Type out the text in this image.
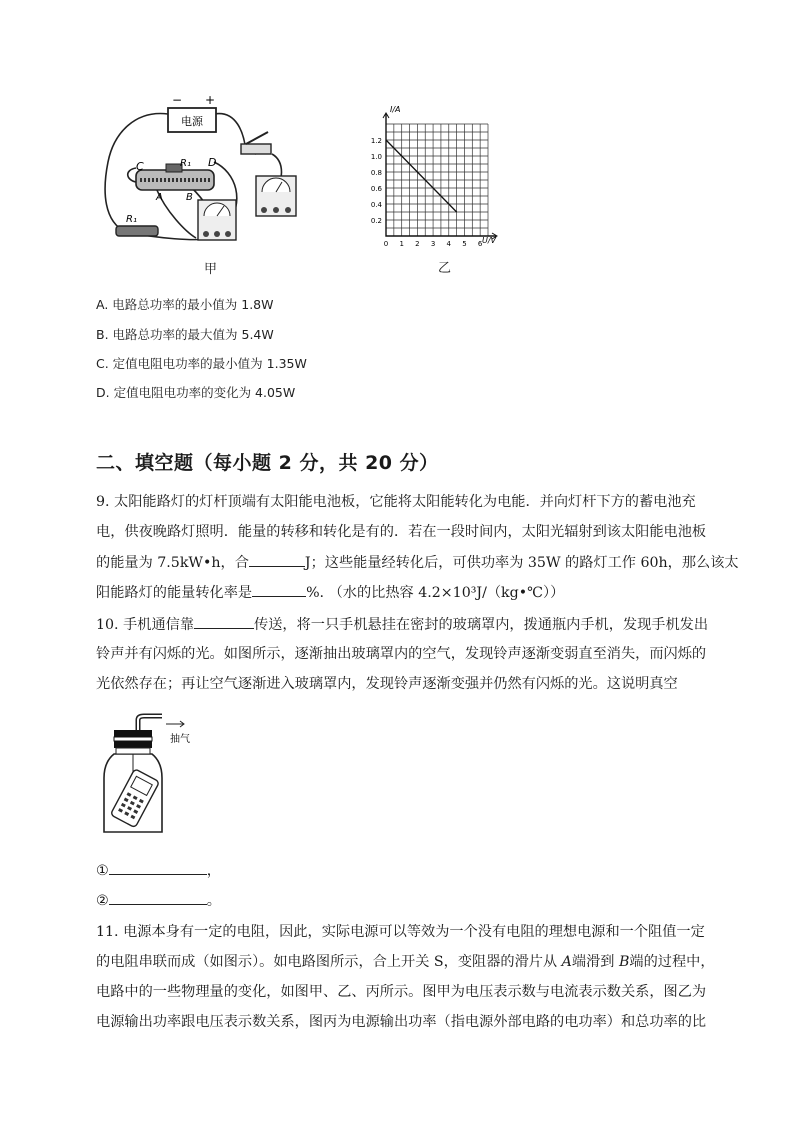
电源
− +
C	R₁ D
A B
R₁
甲
1.2
1.0
0.8
0.6
0.4
0.2
0 1 2 3 4 5 6
I/A
U/V
乙
A. 电路总功率的最小值为 1.8W
B. 电路总功率的最大值为 5.4W
C. 定值电阻电功率的最小值为 1.35W
D. 定值电阻电功率的变化为 4.05W
二、填空题（每小题 2 分，共 20 分）
9. 太阳能路灯的灯杆顶端有太阳能电池板，它能将太阳能转化为电能．并向灯杆下方的蓄电池充
电，供夜晚路灯照明．能量的转移和转化是有的．若在一段时间内，太阳光辐射到该太阳能电池板
的能量为 7.5kW•h，合	J；这些能量经转化后，可供功率为 35W 的路灯工作 60h，那么该太
阳能路灯的能量转化率是	%. （水的比热容 4.2×10³J/（kg•℃））
10. 手机通信靠	传送，将一只手机悬挂在密封的玻璃罩内，拨通瓶内手机，发现手机发出
铃声并有闪烁的光。如图所示，逐渐抽出玻璃罩内的空气，发现铃声逐渐变弱直至消失，而闪烁的
光依然存在；再让空气逐渐进入玻璃罩内，发现铃声逐渐变强并仍然有闪烁的光。这说明真空
抽气
①	，
②	。
11. 电源本身有一定的电阻，因此，实际电源可以等效为一个没有电阻的理想电源和一个阻值一定
的电阻串联而成（如图示）。如电路图所示，合上开关 S，变阻器的滑片从 A端滑到 B端的过程中，
电路中的一些物理量的变化，如图甲、乙、丙所示。图甲为电压表示数与电流表示数关系，图乙为
电源输出功率跟电压表示数关系，图丙为电源输出功率（指电源外部电路的电功率）和总功率的比
